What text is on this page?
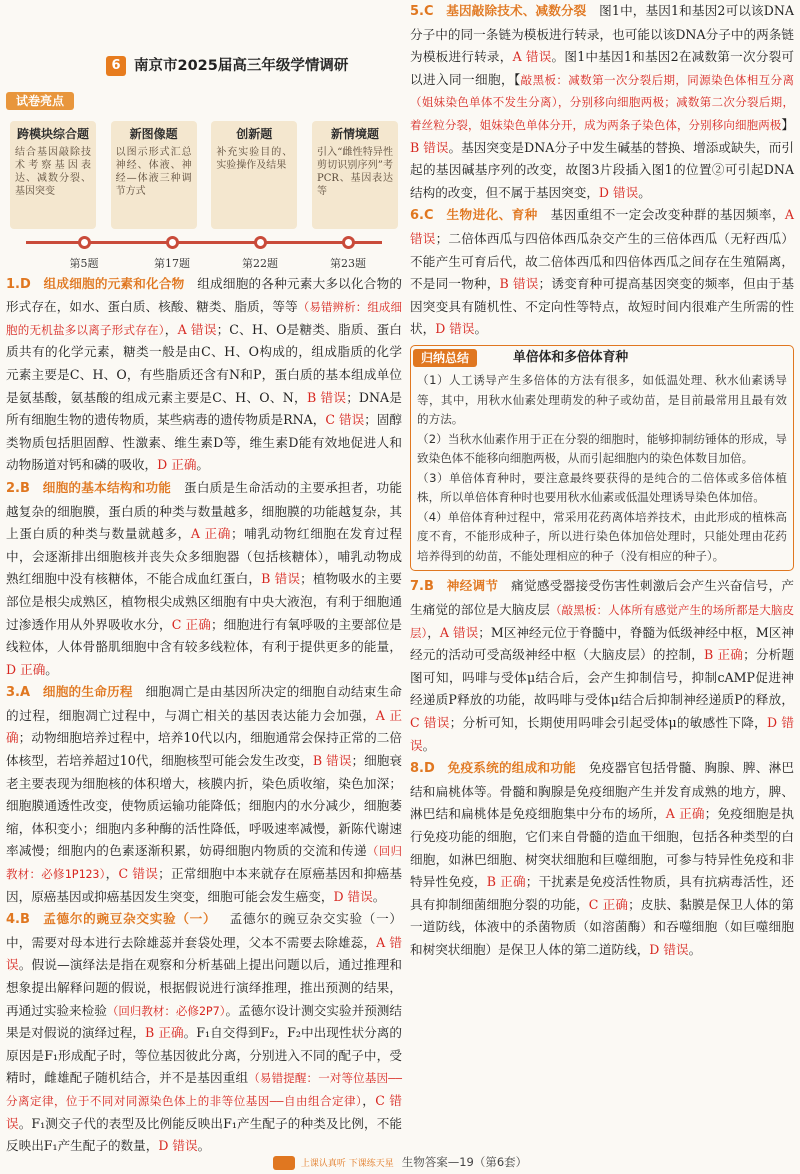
6 南京市2025届高三年级学情调研
试卷亮点
跨模块综合题
结合基因敲除技术考察基因表达、减数分裂、基因突变
新图像题
以图示形式汇总神经、体液、神经—体液三种调节方式
创新题
补充实验目的、实验操作及结果
新情境题
引入“雌性特异性剪切识别序列”考PCR、基因表达等
第5题	第17题	第22题	第23题
1.D  组成细胞的元素和化合物  组成细胞的各种元素大多以化合物的形式存在，如水、蛋白质、核酸、糖类、脂质，等等（易错辨析：组成细胞的无机盐多以离子形式存在），A 错误；C、H、O是糖类、脂质、蛋白质共有的化学元素，糖类一般是由C、H、O构成的，组成脂质的化学元素主要是C、H、O，有些脂质还含有N和P，蛋白质的基本组成单位是氨基酸，氨基酸的组成元素主要是C、H、O、N，B 错误；DNA是所有细胞生物的遗传物质，某些病毒的遗传物质是RNA，C 错误；固醇类物质包括胆固醇、性激素、维生素D等，维生素D能有效地促进人和动物肠道对钙和磷的吸收，D 正确。
2.B  细胞的基本结构和功能  蛋白质是生命活动的主要承担者，功能越复杂的细胞膜，蛋白质的种类与数量越多，细胞膜的功能越复杂，其上蛋白质的种类与数量就越多，A 正确；哺乳动物红细胞在发育过程中，会逐渐排出细胞核并丧失众多细胞器（包括核糖体），哺乳动物成熟红细胞中没有核糖体，不能合成血红蛋白，B 错误；植物吸水的主要部位是根尖成熟区，植物根尖成熟区细胞有中央大液泡，有利于细胞通过渗透作用从外界吸收水分，C 正确；细胞进行有氧呼吸的主要部位是线粒体，人体骨骼肌细胞中含有较多线粒体，有利于提供更多的能量，D 正确。
3.A  细胞的生命历程  细胞凋亡是由基因所决定的细胞自动结束生命的过程，细胞凋亡过程中，与凋亡相关的基因表达能力会加强，A 正确；动物细胞培养过程中，培养10代以内，细胞通常会保持正常的二倍体核型，若培养超过10代，细胞核型可能会发生改变，B 错误；细胞衰老主要表现为细胞核的体积增大，核膜内折，染色质收缩，染色加深；细胞膜通透性改变，使物质运输功能降低；细胞内的水分减少，细胞萎缩，体积变小；细胞内多种酶的活性降低，呼吸速率减慢，新陈代谢速率减慢；细胞内的色素逐渐积累，妨碍细胞内物质的交流和传递（回归教材：必修1P123），C 错误；正常细胞中本来就存在原癌基因和抑癌基因，原癌基因或抑癌基因发生突变，细胞可能会发生癌变，D 错误。
4.B  孟德尔的豌豆杂交实验（一）  孟德尔的豌豆杂交实验（一）中，需要对母本进行去除雄蕊并套袋处理，父本不需要去除雄蕊，A 错误。假说—演绎法是指在观察和分析基础上提出问题以后，通过推理和想象提出解释问题的假说，根据假说进行演绎推理，推出预测的结果，再通过实验来检验（回归教材：必修2P7）。孟德尔设计测交实验并预测结果是对假说的演绎过程，B 正确。F₁自交得到F₂，F₂中出现性状分离的原因是F₁形成配子时，等位基因彼此分离，分别进入不同的配子中，受精时，雌雄配子随机结合，并不是基因重组（易错提醒：一对等位基因——分离定律，位于不同对同源染色体上的非等位基因——自由组合定律），C 错误。F₁测交子代的表型及比例能反映出F₁产生配子的种类及比例，不能反映出F₁产生配子的数量，D 错误。
5.C  基因敲除技术、减数分裂  图1中，基因1和基因2可以该DNA分子中的同一条链为模板进行转录，也可能以该DNA分子中的两条链为模板进行转录，A 错误。图1中基因1和基因2在减数第一次分裂可以进入同一细胞，【敲黑板：减数第一次分裂后期，同源染色体相互分离（姐妹染色单体不发生分离），分别移向细胞两极；减数第二次分裂后期，着丝粒分裂，姐妹染色单体分开，成为两条子染色体，分别移向细胞两极】B 错误。基因突变是DNA分子中发生碱基的替换、增添或缺失，而引起的基因碱基序列的改变，故图3片段插入图1的位置②可引起DNA结构的改变，但不属于基因突变，D 错误。
6.C  生物进化、育种  基因重组不一定会改变种群的基因频率，A 错误；二倍体西瓜与四倍体西瓜杂交产生的三倍体西瓜（无籽西瓜）不能产生可育后代，故二倍体西瓜和四倍体西瓜之间存在生殖隔离，不是同一物种，B 错误；诱变育种可提高基因突变的频率，但由于基因突变具有随机性、不定向性等特点，故短时间内很难产生所需的性状，D 错误。
归纳总结	单倍体和多倍体育种
（1）人工诱导产生多倍体的方法有很多，如低温处理、秋水仙素诱导等，其中，用秋水仙素处理萌发的种子或幼苗，是目前最常用且最有效的方法。
（2）当秋水仙素作用于正在分裂的细胞时，能够抑制纺锤体的形成，导致染色体不能移向细胞两极，从而引起细胞内的染色体数目加倍。
（3）单倍体育种时，要注意最终要获得的是纯合的二倍体或多倍体植株，所以单倍体育种时也要用秋水仙素或低温处理诱导染色体加倍。
（4）单倍体育种过程中，常采用花药离体培养技术，由此形成的植株高度不育，不能形成种子，所以进行染色体加倍处理时，只能处理由花药培养得到的幼苗，不能处理相应的种子（没有相应的种子）。
7.B  神经调节  痛觉感受器接受伤害性刺激后会产生兴奋信号，产生痛觉的部位是大脑皮层（敲黑板：人体所有感觉产生的场所都是大脑皮层），A 错误；M区神经元位于脊髓中，脊髓为低级神经中枢，M区神经元的活动可受高级神经中枢（大脑皮层）的控制，B 正确；分析题图可知，吗啡与受体μ结合后，会产生抑制信号，抑制cAMP促进神经递质P释放的功能，故吗啡与受体μ结合后抑制神经递质P的释放，C 错误；分析可知，长期使用吗啡会引起受体μ的敏感性下降，D 错误。
8.D  免疫系统的组成和功能  免疫器官包括骨髓、胸腺、脾、淋巴结和扁桃体等。骨髓和胸腺是免疫细胞产生并发育成熟的地方，脾、淋巴结和扁桃体是免疫细胞集中分布的场所，A 正确；免疫细胞是执行免疫功能的细胞，它们来自骨髓的造血干细胞，包括各种类型的白细胞，如淋巴细胞、树突状细胞和巨噬细胞，可参与特异性免疫和非特异性免疫，B 正确；干扰素是免疫活性物质，具有抗病毒活性，还具有抑制细菌细胞分裂的功能，C 正确；皮肤、黏膜是保卫人体的第一道防线，体液中的杀菌物质（如溶菌酶）和吞噬细胞（如巨噬细胞和树突状细胞）是保卫人体的第二道防线，D 错误。
上课认真听 下课练天星 生物答案—19（第6套）
